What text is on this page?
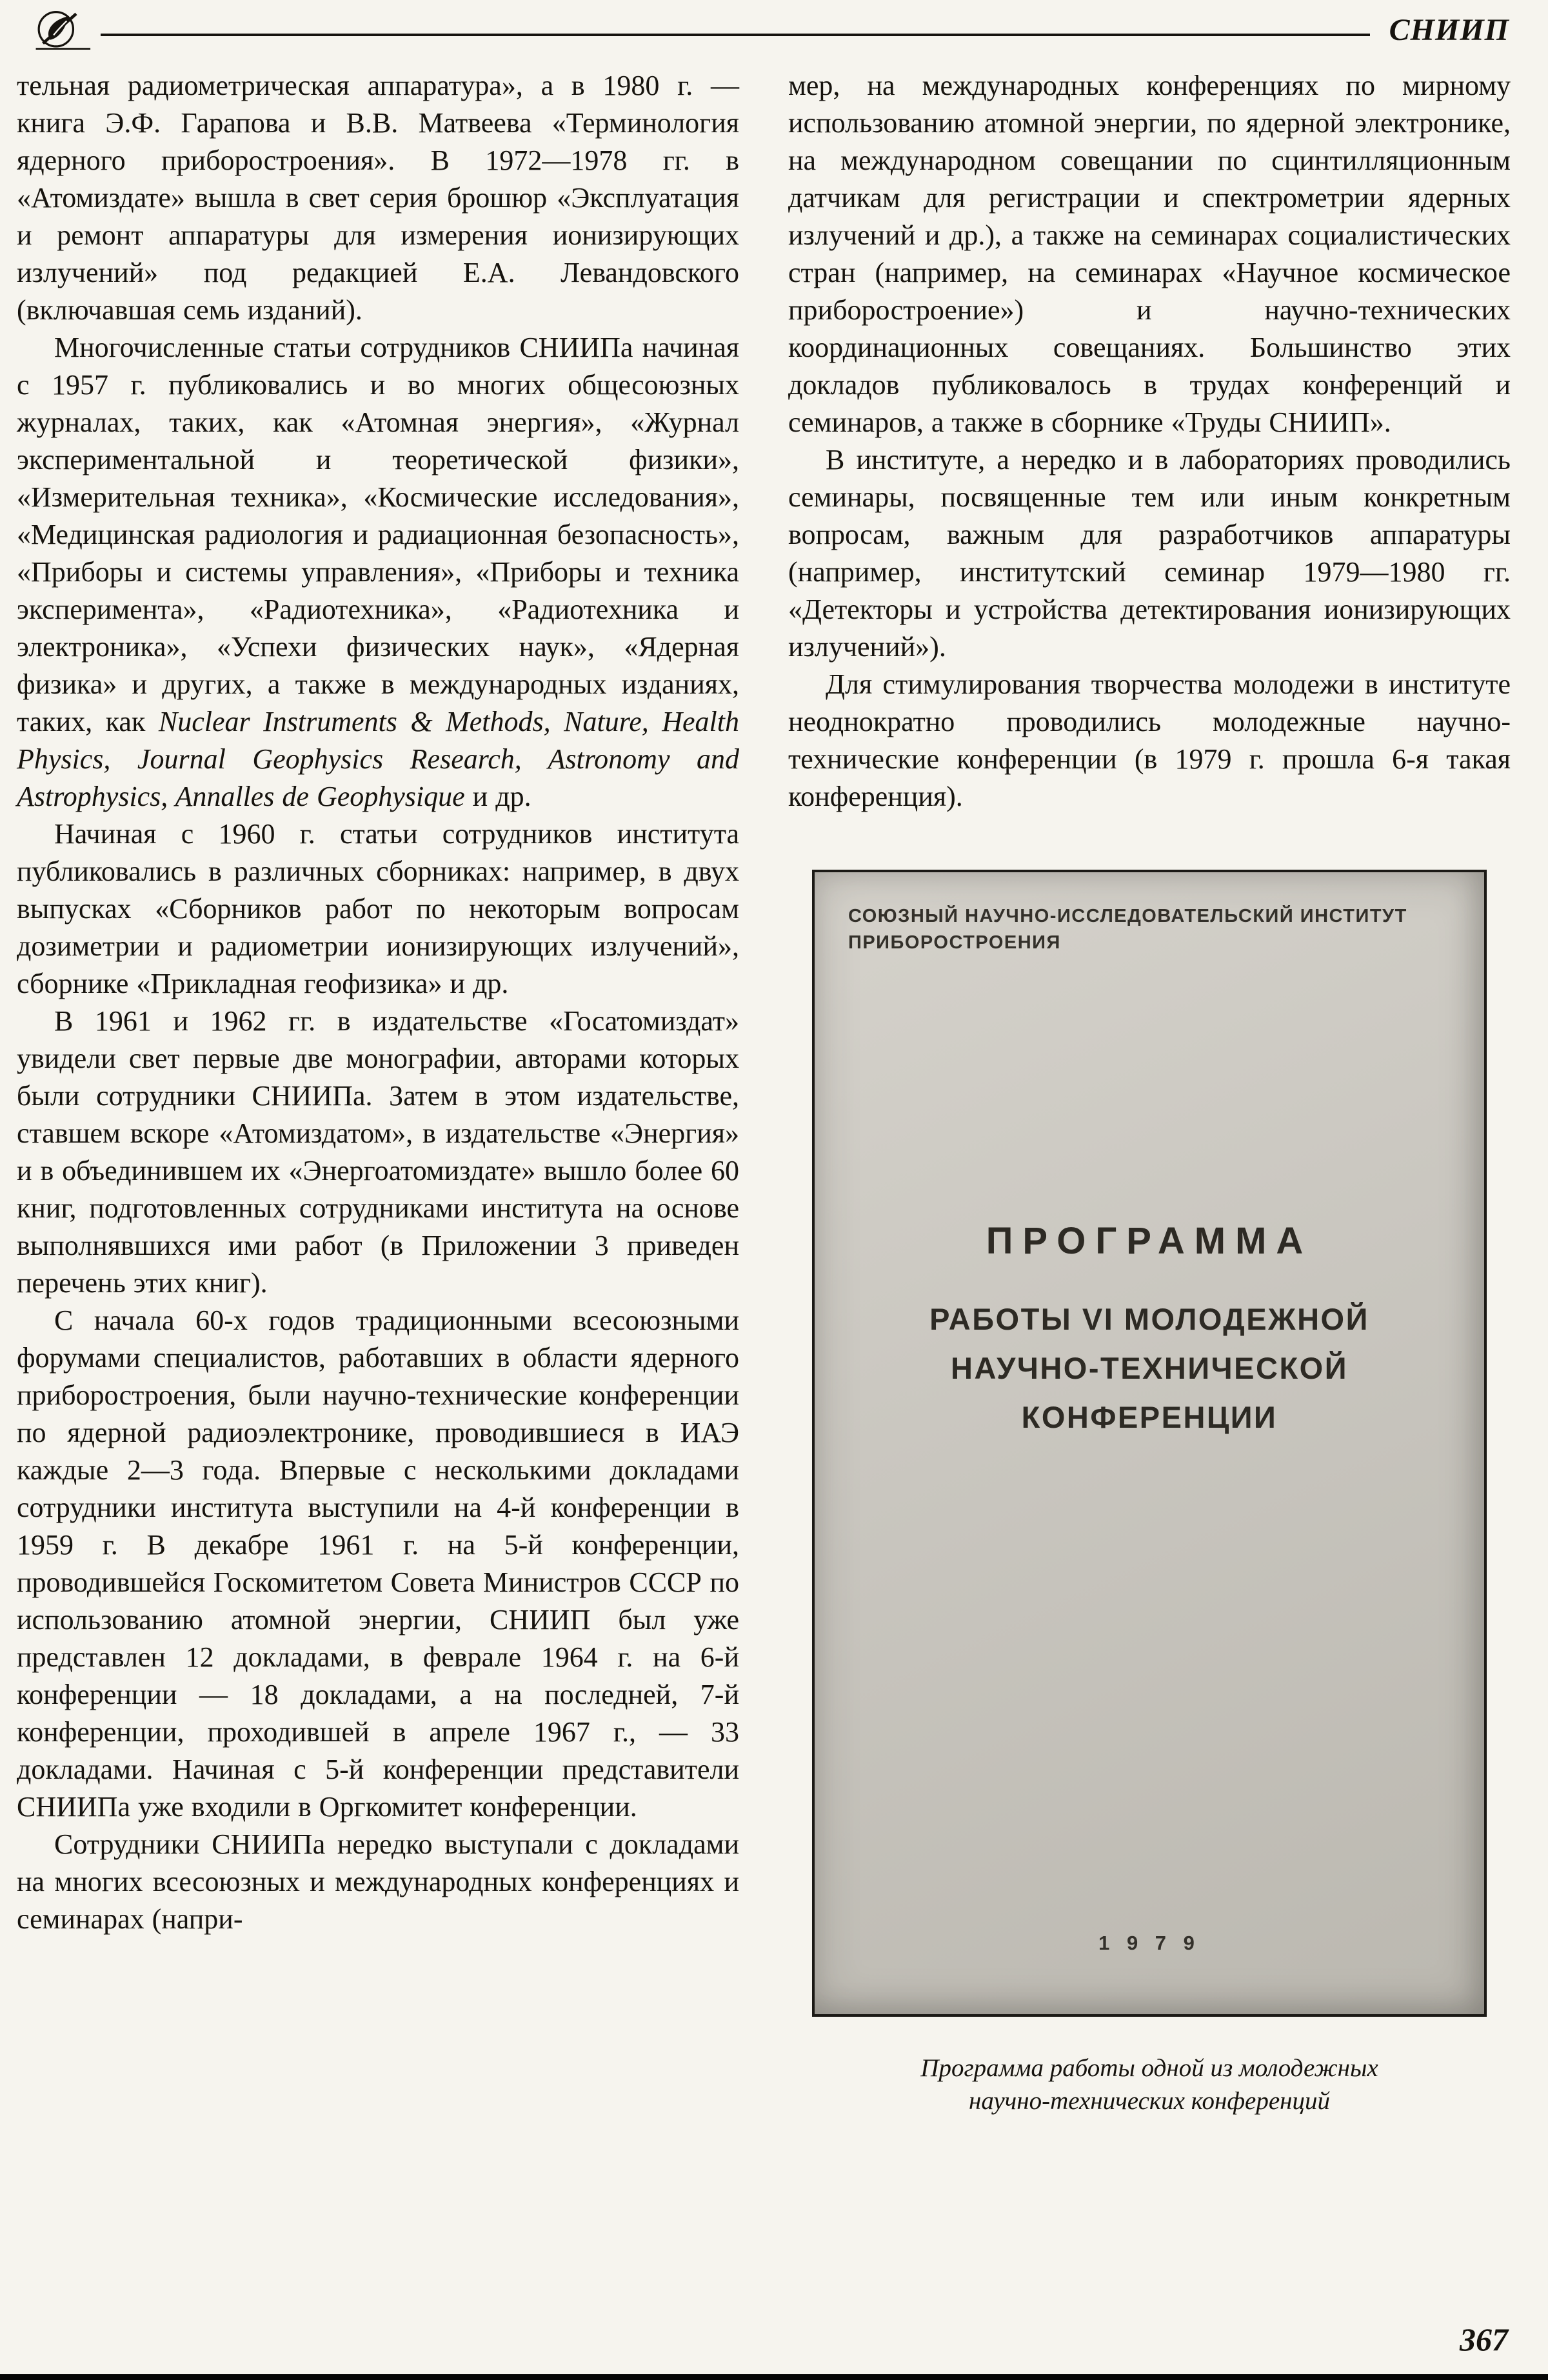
СНИИП

тельная радиометрическая аппаратура», а в 1980 г. — книга Э.Ф. Гарапова и В.В. Матвеева «Терминология ядерного приборостроения». В 1972—1978 гг. в «Атомиздате» вышла в свет серия брошюр «Эксплуатация и ремонт аппаратуры для измерения ионизирующих излучений» под редакцией Е.А. Левандовского (включавшая семь изданий).

Многочисленные статьи сотрудников СНИИПа начиная с 1957 г. публиковались и во многих общесоюзных журналах, таких, как «Атомная энергия», «Журнал экспериментальной и теоретической физики», «Измерительная техника», «Космические исследования», «Медицинская радиология и радиационная безопасность», «Приборы и системы управления», «Приборы и техника эксперимента», «Радиотехника», «Радиотехника и электроника», «Успехи физических наук», «Ядерная физика» и других, а также в международных изданиях, таких, как Nuclear Instruments & Methods, Nature, Health Physics, Journal Geophysics Research, Astronomy and Astrophysics, Annalles de Geophysique и др.

Начиная с 1960 г. статьи сотрудников института публиковались в различных сборниках: например, в двух выпусках «Сборников работ по некоторым вопросам дозиметрии и радиометрии ионизирующих излучений», сборнике «Прикладная геофизика» и др.

В 1961 и 1962 гг. в издательстве «Госатомиздат» увидели свет первые две монографии, авторами которых были сотрудники СНИИПа. Затем в этом издательстве, ставшем вскоре «Атомиздатом», в издательстве «Энергия» и в объединившем их «Энергоатомиздате» вышло более 60 книг, подготовленных сотрудниками института на основе выполнявшихся ими работ (в Приложении 3 приведен перечень этих книг).

С начала 60-х годов традиционными всесоюзными форумами специалистов, работавших в области ядерного приборостроения, были научно-технические конференции по ядерной радиоэлектронике, проводившиеся в ИАЭ каждые 2—3 года. Впервые с несколькими докладами сотрудники института выступили на 4-й конференции в 1959 г. В декабре 1961 г. на 5-й конференции, проводившейся Госкомитетом Совета Министров СССР по использованию атомной энергии, СНИИП был уже представлен 12 докладами, в феврале 1964 г. на 6-й конференции — 18 докладами, а на последней, 7-й конференции, проходившей в апреле 1967 г., — 33 докладами. Начиная с 5-й конференции представители СНИИПа уже входили в Оргкомитет конференции.

Сотрудники СНИИПа нередко выступали с докладами на многих всесоюзных и международных конференциях и семинарах (напри-

мер, на международных конференциях по мирному использованию атомной энергии, по ядерной электронике, на международном совещании по сцинтилляционным датчикам для регистрации и спектрометрии ядерных излучений и др.), а также на семинарах социалистических стран (например, на семинарах «Научное космическое приборостроение») и научно-технических координационных совещаниях. Большинство этих докладов публиковалось в трудах конференций и семинаров, а также в сборнике «Труды СНИИП».

В институте, а нередко и в лабораториях проводились семинары, посвященные тем или иным конкретным вопросам, важным для разработчиков аппаратуры (например, институтский семинар 1979—1980 гг. «Детекторы и устройства детектирования ионизирующих излучений»).

Для стимулирования творчества молодежи в институте неоднократно проводились молодежные научно-технические конференции (в 1979 г. прошла 6-я такая конференция).

СОЮЗНЫЙ НАУЧНО-ИССЛЕДОВАТЕЛЬСКИЙ ИНСТИТУТ
ПРИБОРОСТРОЕНИЯ
ПРОГРАММА
РАБОТЫ VI МОЛОДЕЖНОЙ
НАУЧНО-ТЕХНИЧЕСКОЙ
КОНФЕРЕНЦИИ
1 9 7 9
Программа работы одной из молодежных научно-технических конференций
367
